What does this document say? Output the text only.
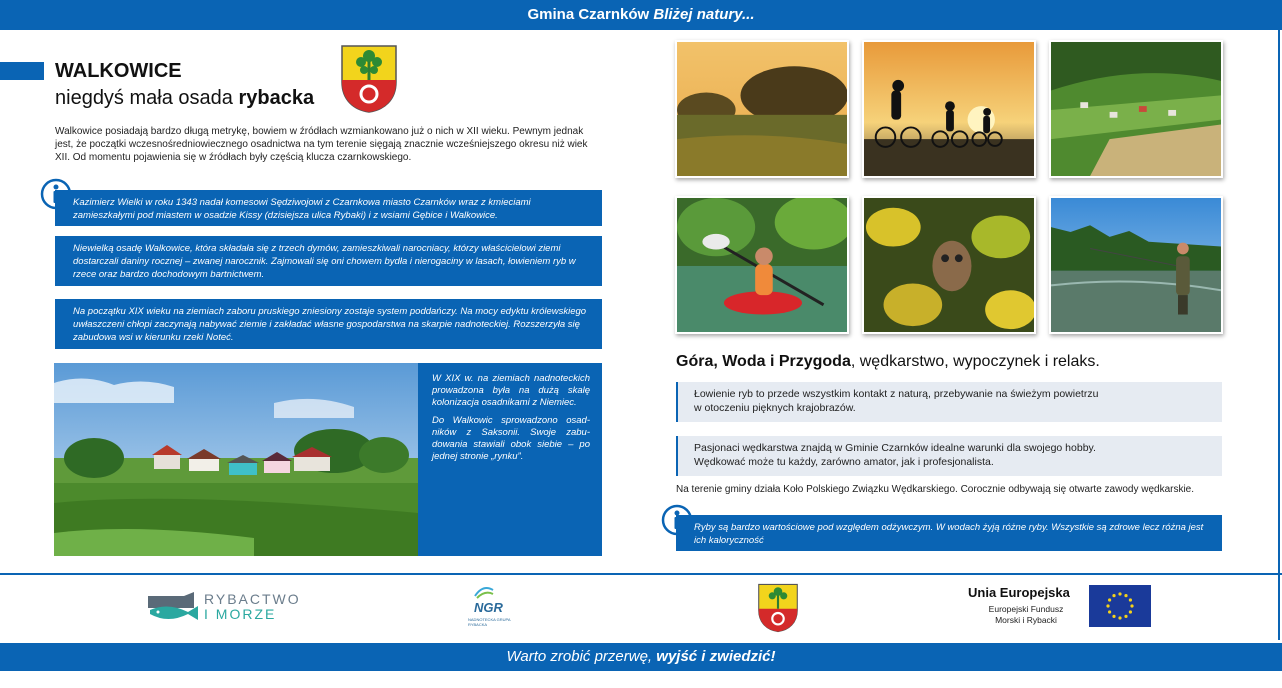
Gmina Czarnków Bliżej natury...
WALKOWICE
niegdyś mała osada rybacka
Walkowice posiadają bardzo długą metrykę, bowiem w źródłach wzmiankowano już o nich w XII wieku. Pewnym jednak jest, że początki wczesnośredniowiecznego osadnictwa na tym terenie sięgają znacznie wcześniejszego okresu niż wiek XII. Od momentu pojawienia się w źródłach były częścią klucza czarnkowskiego.
Kazimierz Wielki w roku 1343 nadał komesowi Sędziwojowi z Czarnkowa miasto Czarnków wraz z kmieciami zamieszkałymi pod miastem w osadzie Kissy (dzisiejsza ulica Rybaki) i z wsiami Gębice i Walkowice.
Niewielką osadę Walkowice, która składała się z trzech dymów, zamieszkiwali narocniacy, którzy właścicielowi ziemi dostarczali daniny rocznej – zwanej narocznik. Zajmowali się oni chowem bydła i nierogaciny w lasach, łowieniem ryb w rzece oraz bardzo dochodowym bartnictwem.
Na początku XIX wieku na ziemiach zaboru pruskiego zniesiony zostaje system poddańczy. Na mocy edyktu królewskiego uwłaszczeni chłopi zaczynają nabywać ziemie i zakładać własne gospodarstwa na skarpie nadnoteckiej. Rozszerzyła się zabudowa wsi w kierunku rzeki Noteć.

W XIX w. na ziemiach nadnoteckich prowadzona była na dużą skalę kolonizacja osadnikami z Niemiec.

Do Walkowic sprowadzono osadników z Saksonii. Swoje zabudowania stawiali obok siebie – po jednej stronie „rynku”.

Góra, Woda i Przygoda, wędkarstwo, wypoczynek i relaks.
Łowienie ryb to przede wszystkim kontakt z naturą, przebywanie na świeżym powietrzu
w otoczeniu pięknych krajobrazów.
Pasjonaci wędkarstwa znajdą w Gminie Czarnków idealne warunki dla swojego hobby.
Wędkować może tu każdy, zarówno amator, jak i profesjonalista.
Na terenie gminy działa Koło Polskiego Związku Wędkarskiego. Corocznie odbywają się otwarte zawody wędkarskie.
Ryby są bardzo wartościowe pod względem odżywczym. W wodach żyją różne ryby. Wszystkie są zdrowe lecz różna jest ich kaloryczność
RYBACTWO
I MORZE	NGR
NADNOTECKA GRUPA RYBACKA
Unia Europejska
Europejski Fundusz
Morski i Rybacki
Warto zrobić przerwę, wyjść i zwiedzić!
